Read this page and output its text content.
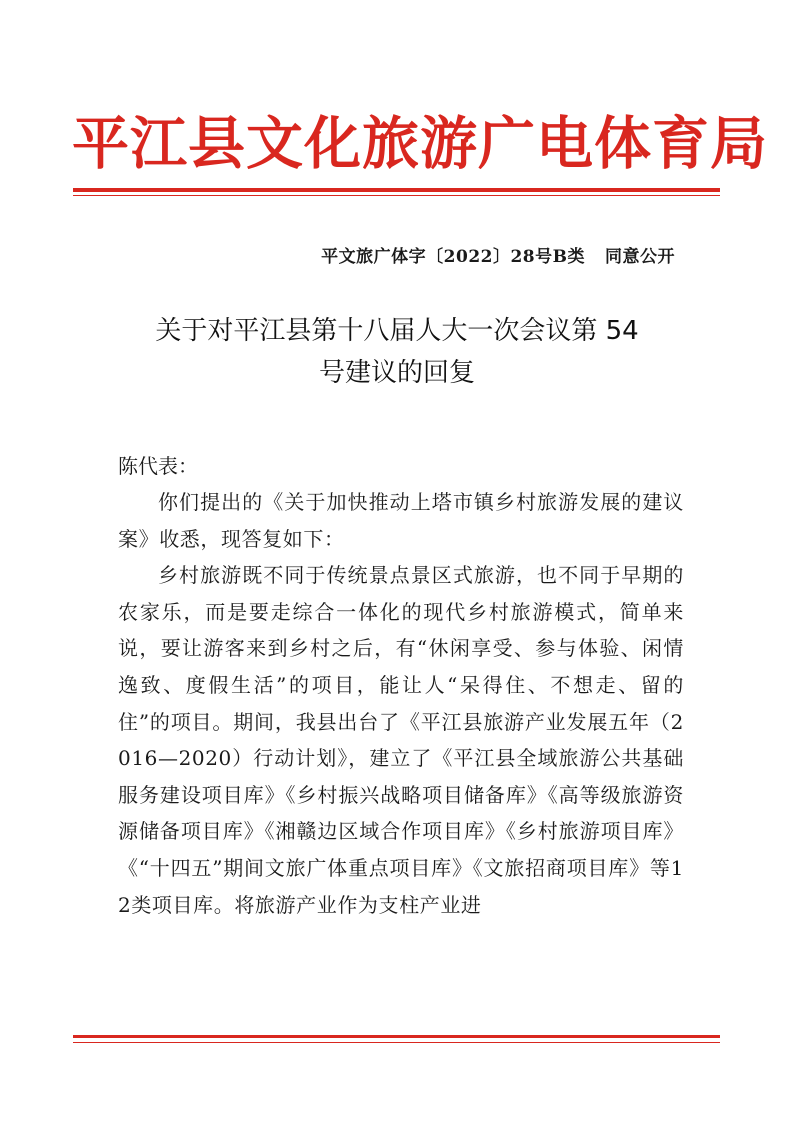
平江县文化旅游广电体育局
平文旅广体字〔2022〕28号B类 同意公开
关于对平江县第十八届人大一次会议第 54
号建议的回复
陈代表：

你们提出的《关于加快推动上塔市镇乡村旅游发展的建议案》收悉，现答复如下：

乡村旅游既不同于传统景点景区式旅游，也不同于早期的农家乐，而是要走综合一体化的现代乡村旅游模式，简单来说，要让游客来到乡村之后，有“休闲享受、参与体验、闲情逸致、度假生活”的项目，能让人“呆得住、不想走、留的住”的项目。期间，我县出台了《平江县旅游产业发展五年（2016—2020）行动计划》，建立了《平江县全域旅游公共基础服务建设项目库》《乡村振兴战略项目储备库》《高等级旅游资源储备项目库》《湘赣边区域合作项目库》《乡村旅游项目库》《“十四五”期间文旅广体重点项目库》《文旅招商项目库》等12类项目库。将旅游产业作为支柱产业进
